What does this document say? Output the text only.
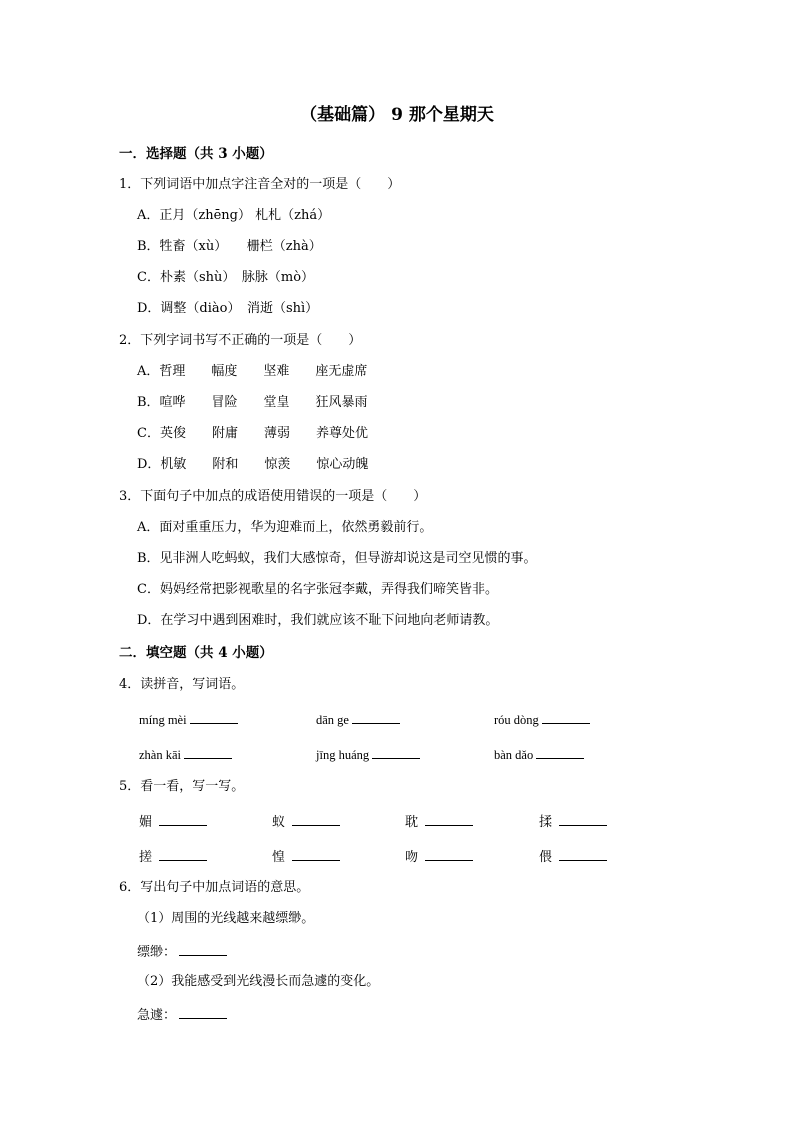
（基础篇） 9 那个星期天
一．选择题（共 3 小题）
1．下列词语中加点字注音全对的一项是（　　）
A．正月（zhēng） 札札（zhá）
B．牲畜（xù）　　栅栏（zhà）
C．朴素（shù）　脉脉（mò）
D．调整（diào）　消逝（shì）
2．下列字词书写不正确的一项是（　　）
A．哲理　　幅度　　坚难　　座无虚席
B．喧哗　　冒险　　堂皇　　狂风暴雨
C．英俊　　附庸　　薄弱　　养尊处优
D．机敏　　附和　　惊羡　　惊心动魄
3．下面句子中加点的成语使用错误的一项是（　　）
A．面对重重压力，华为迎难而上，依然勇毅前行。
B．见非洲人吃蚂蚁，我们大感惊奇，但导游却说这是司空见惯的事。
C．妈妈经常把影视歌星的名字张冠李戴，弄得我们啼笑皆非。
D．在学习中遇到困难时，我们就应该不耻下问地向老师请教。
二．填空题（共 4 小题）
4．读拼音，写词语。
míng mèi	dān ge	róu dòng
zhàn kāi	jīng huáng	bàn dǎo
5．看一看，写一写。
媚	蚁	耽	揉
搓	惶	吻	偎
6．写出句子中加点词语的意思。
（1）周围的光线越来越缥缈。
缥缈：
（2）我能感受到光线漫长而急遽的变化。
急遽：
